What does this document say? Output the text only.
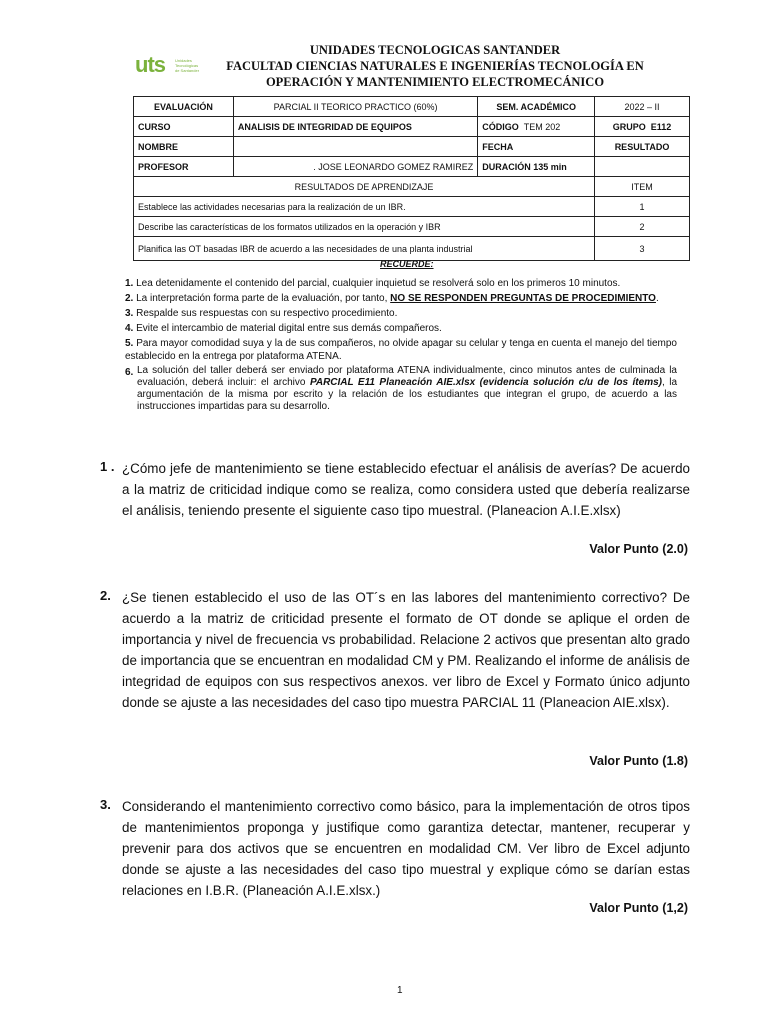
uts	Unidades Tecnológicas de Santander
UNIDADES TECNOLOGICAS SANTANDER
FACULTAD CIENCIAS NATURALES E INGENIERÍAS TECNOLOGÍA EN
OPERACIÓN Y MANTENIMIENTO ELECTROMECÁNICO
EVALUACIÓN	PARCIAL II TEORICO PRACTICO (60%)	SEM. ACADÉMICO	2022 – II
CURSO	ANALISIS DE INTEGRIDAD DE EQUIPOS	CÓDIGO TEM 202	GRUPO E112
NOMBRE		FECHA	RESULTADO
PROFESOR	. JOSE LEONARDO GOMEZ RAMIREZ	DURACIÓN 135 min	
RESULTADOS DE APRENDIZAJE			ITEM
Establece las actividades necesarias para la realización de un IBR.			1
Describe las características de los formatos utilizados en la operación y IBR			2
Planifica las OT basadas IBR de acuerdo a las necesidades de una planta industrial			3
RECUERDE:

1. Lea detenidamente el contenido del parcial, cualquier inquietud se resolverá solo en los primeros 10 minutos.

2. La interpretación forma parte de la evaluación, por tanto, NO SE RESPONDEN PREGUNTAS DE PROCEDIMIENTO.

3. Respalde sus respuestas con su respectivo procedimiento.

4. Evite el intercambio de material digital entre sus demás compañeros.

5. Para mayor comodidad suya y la de sus compañeros, no olvide apagar su celular y tenga en cuenta el manejo del tiempo establecido en la entrega por plataforma ATENA.

6. La solución del taller deberá ser enviado por plataforma ATENA individualmente, cinco minutos antes de culminada la evaluación, deberá incluir: el archivo PARCIAL E11 Planeación AIE.xlsx (evidencia solución c/u de los ítems), la argumentación de la misma por escrito y la relación de los estudiantes que integran el grupo, de acuerdo a las instrucciones impartidas para su desarrollo.

1 . ¿Cómo jefe de mantenimiento se tiene establecido efectuar el análisis de averías? De acuerdo a la matriz de criticidad indique como se realiza, como considera usted que debería realizarse el análisis, teniendo presente el siguiente caso tipo muestral. (Planeacion A.I.E.xlsx)
Valor Punto (2.0)
2. ¿Se tienen establecido el uso de las OT´s en las labores del mantenimiento correctivo? De acuerdo a la matriz de criticidad presente el formato de OT donde se aplique el orden de importancia y nivel de frecuencia vs probabilidad. Relacione 2 activos que presentan alto grado de importancia que se encuentran en modalidad CM y PM. Realizando el informe de análisis de integridad de equipos con sus respectivos anexos. ver libro de Excel y Formato único adjunto donde se ajuste a las necesidades del caso tipo muestra PARCIAL 11 (Planeacion AIE.xlsx).
Valor Punto (1.8)
3. Considerando el mantenimiento correctivo como básico, para la implementación de otros tipos de mantenimientos proponga y justifique como garantiza detectar, mantener, recuperar y prevenir para dos activos que se encuentren en modalidad CM. Ver libro de Excel adjunto donde se ajuste a las necesidades del caso tipo muestral y explique cómo se darían estas relaciones en I.B.R. (Planeación A.I.E.xlsx.)
Valor Punto (1,2)
1
